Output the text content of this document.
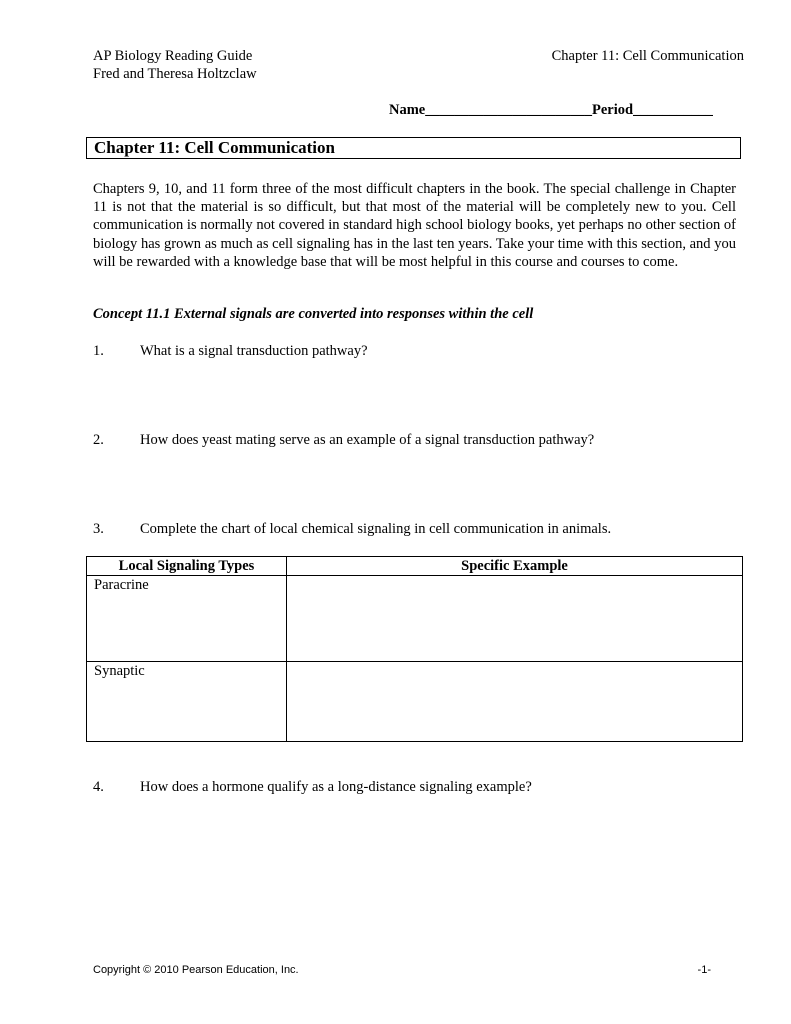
AP Biology Reading Guide
Fred and Theresa Holtzclaw
Chapter 11: Cell Communication
Name_______________________Period___________
Chapter 11: Cell Communication
Chapters 9, 10, and 11 form three of the most difficult chapters in the book. The special challenge in Chapter 11 is not that the material is so difficult, but that most of the material will be completely new to you. Cell communication is normally not covered in standard high school biology books, yet perhaps no other section of biology has grown as much as cell signaling has in the last ten years. Take your time with this section, and you will be rewarded with a knowledge base that will be most helpful in this course and courses to come.
Concept 11.1 External signals are converted into responses within the cell
1. What is a signal transduction pathway?
2. How does yeast mating serve as an example of a signal transduction pathway?
3. Complete the chart of local chemical signaling in cell communication in animals.
Local Signaling Types	Specific Example
Paracrine	
Synaptic	
4. How does a hormone qualify as a long-distance signaling example?
Copyright © 2010 Pearson Education, Inc.	-1-
